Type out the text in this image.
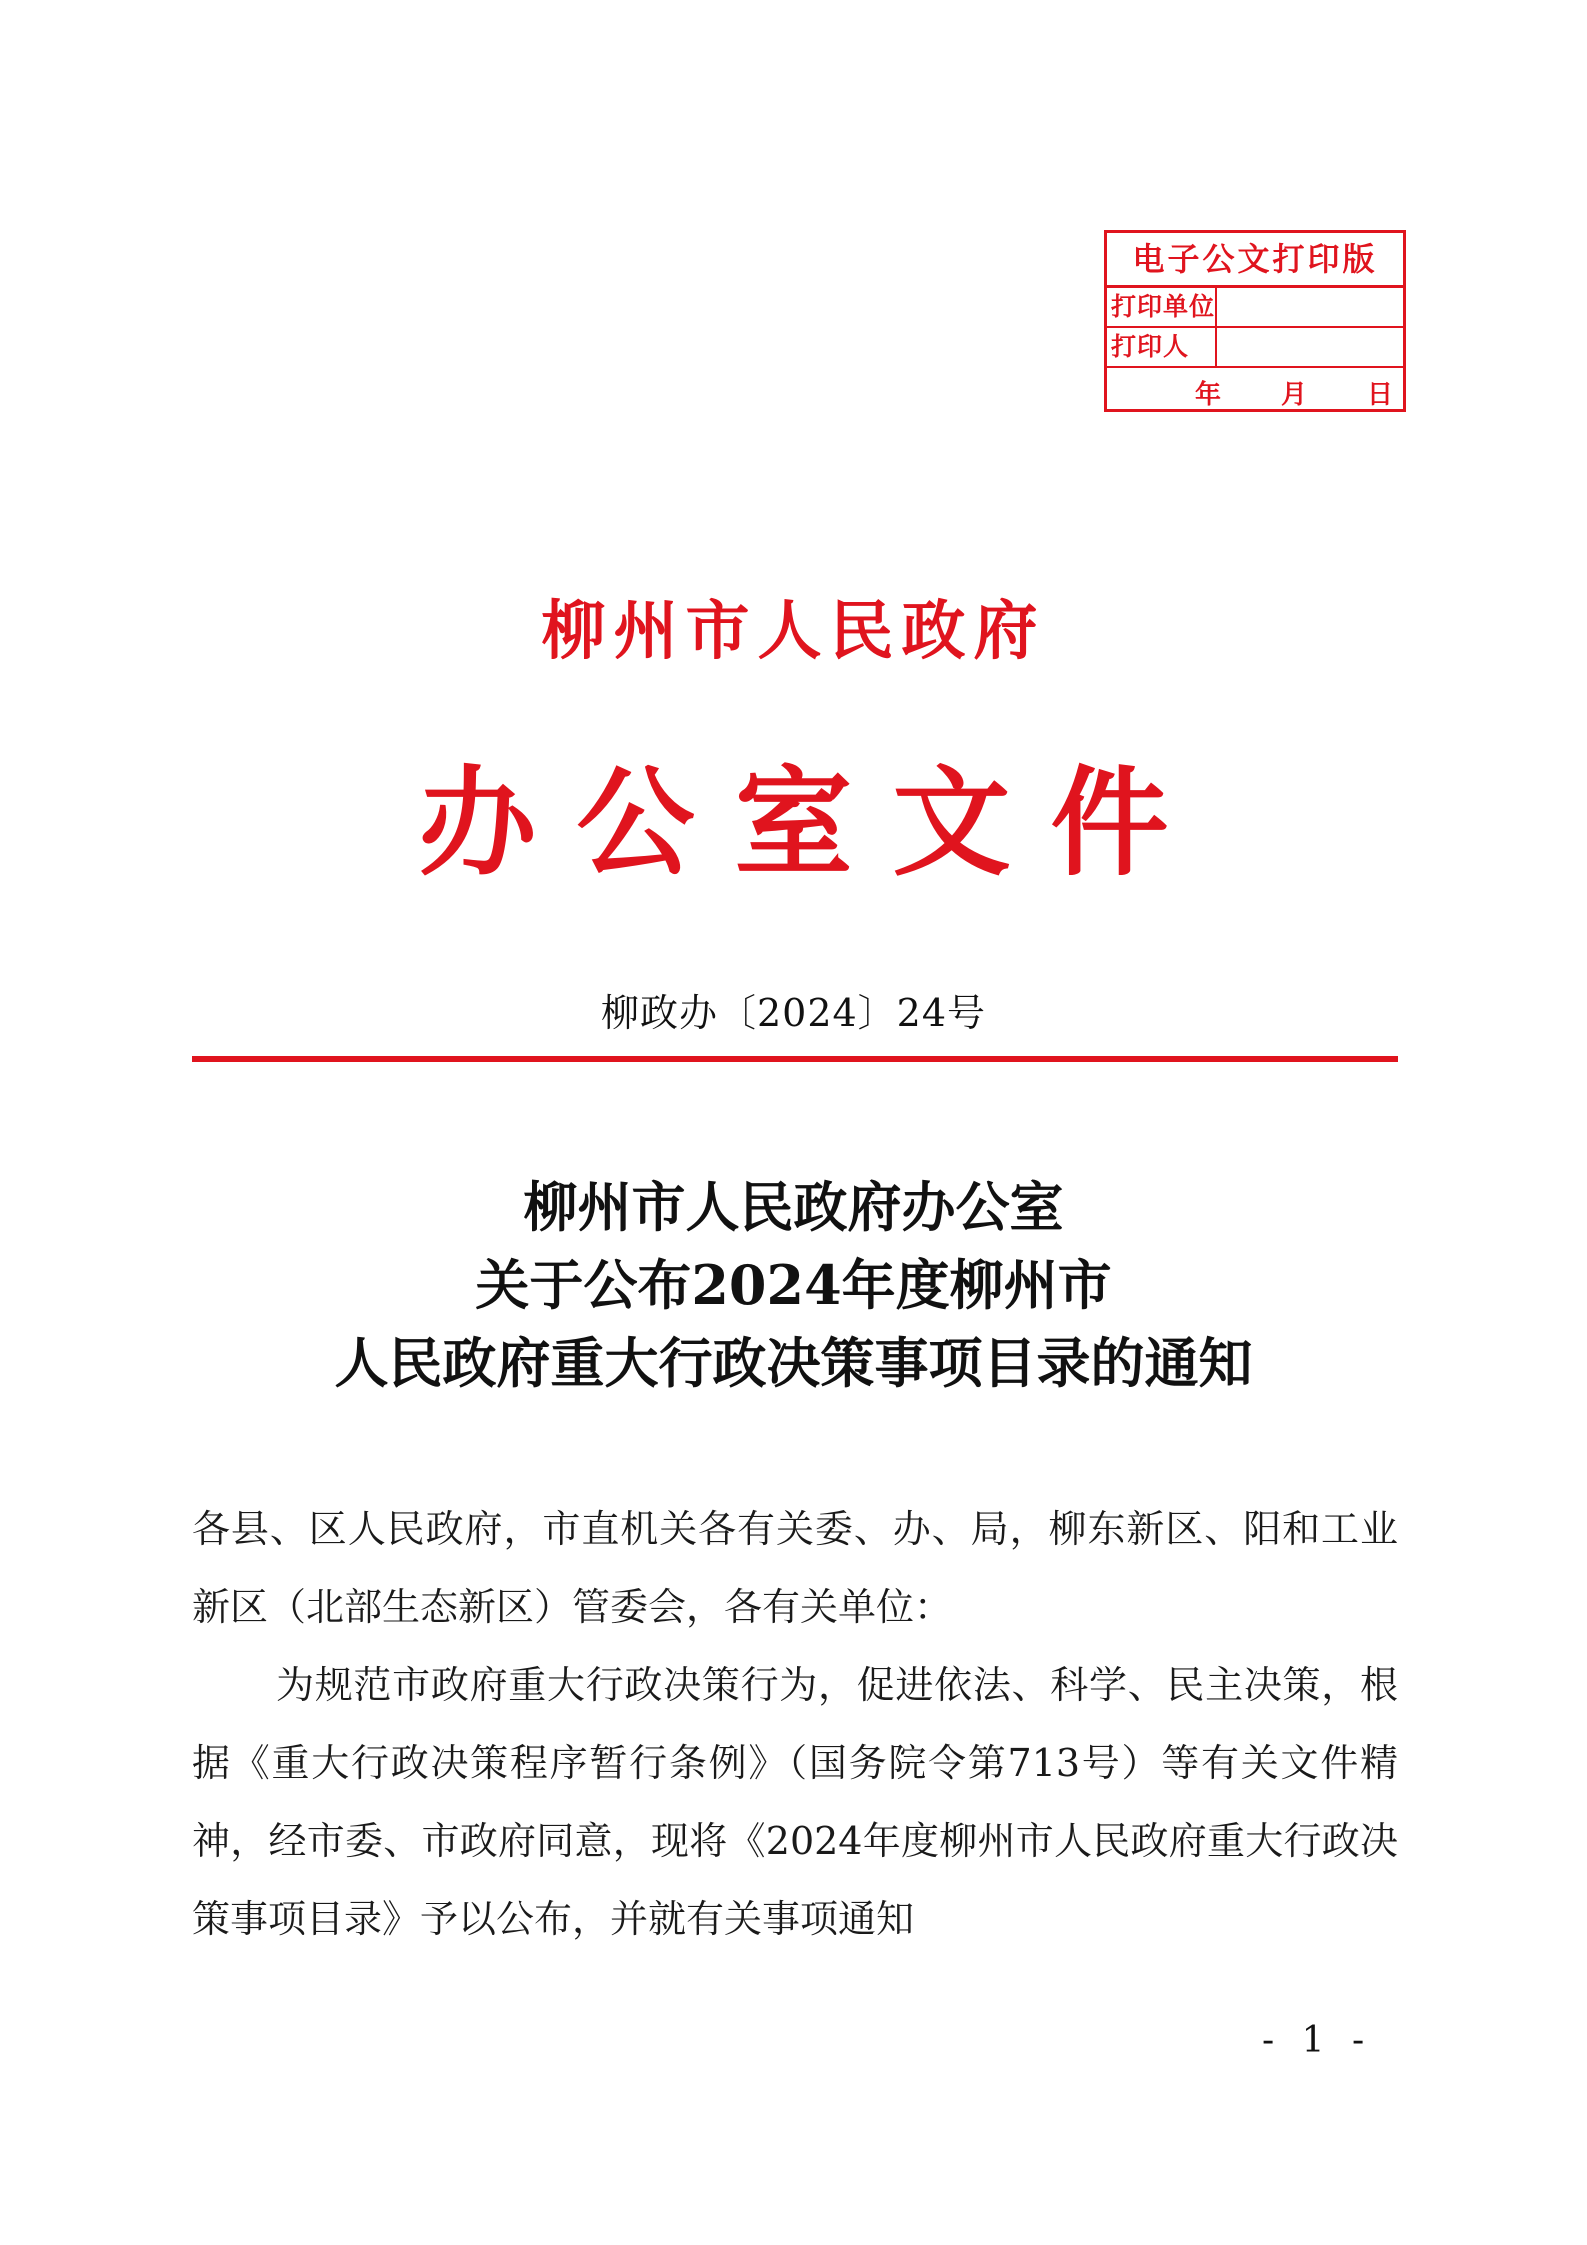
电子公文打印版
打印单位
打印人
年 月 日
柳州市人民政府
办公室文件
柳政办〔2024〕24号
柳州市人民政府办公室
关于公布2024年度柳州市
人民政府重大行政决策事项目录的通知

各县、区人民政府，市直机关各有关委、办、局，柳东新区、阳和工业新区（北部生态新区）管委会，各有关单位：

为规范市政府重大行政决策行为，促进依法、科学、民主决策，根据《重大行政决策程序暂行条例》（国务院令第713号）等有关文件精神，经市委、市政府同意，现将《2024年度柳州市人民政府重大行政决策事项目录》予以公布，并就有关事项通知

- 1 -
